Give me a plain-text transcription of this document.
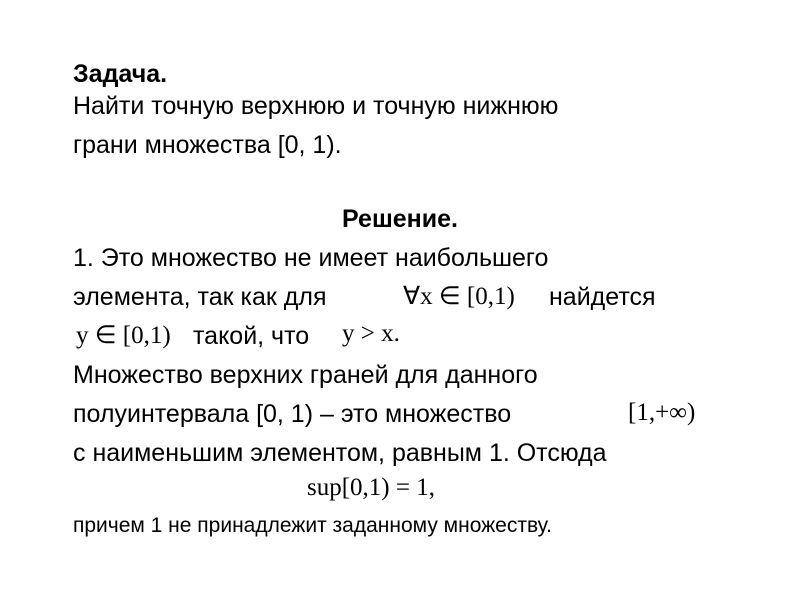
Задача.
Найти точную верхнюю и точную нижнюю
грани множества [0, 1).
Решение.
1. Это множество не имеет наибольшего
элемента, так как для	∀x ∈ [0,1) найдется
y ∈ [0,1) такой, что y > x.
Множество верхних граней для данного
полуинтервала [0, 1) – это множество	[1,+∞)
с наименьшим элементом, равным 1. Отсюда
sup[0,1) = 1,
причем 1 не принадлежит заданному множеству.
